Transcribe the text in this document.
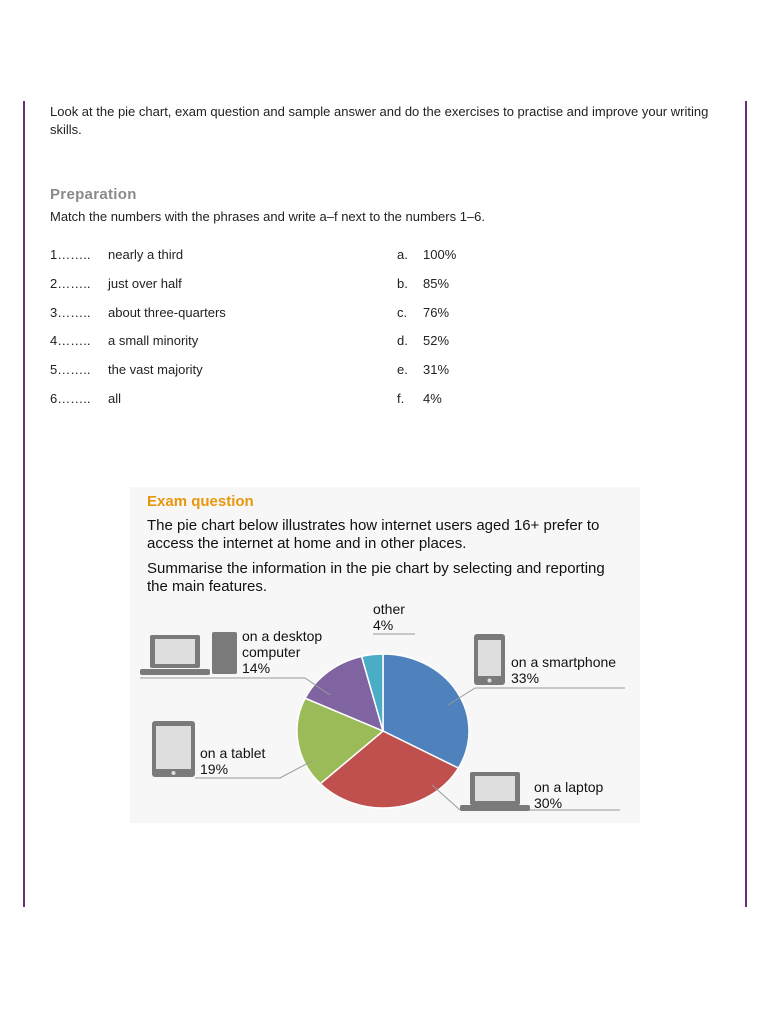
Look at the pie chart, exam question and sample answer and do the exercises to practise and improve your writing skills.
Preparation
Match the numbers with the phrases and write a–f next to the numbers 1–6.
1…….. nearly a third	a. 100%
2…….. just over half	b. 85%
3…….. about three-quarters	c. 76%
4…….. a small minority	d. 52%
5…….. the vast majority	e. 31%
6…….. all	f. 4%
Exam question
The pie chart below illustrates how internet users aged 16+ prefer to access the internet at home and in other places.
Summarise the information in the pie chart by selecting and reporting the main features.
other
4%
on a desktop
computer
14%	on a smartphone
33%
on a tablet
19%
on a laptop
30%
